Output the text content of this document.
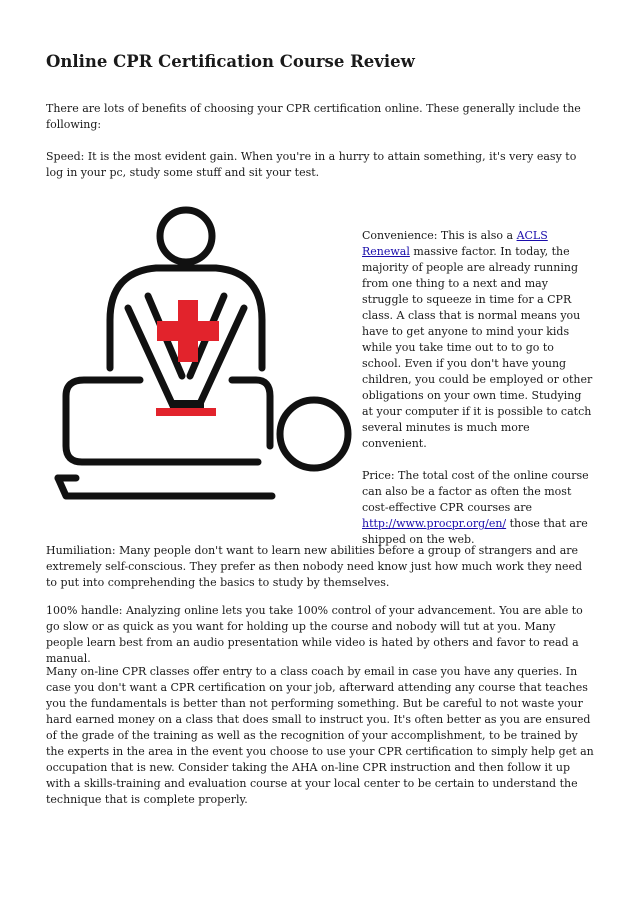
Online CPR Certification Course Review

There are lots of benefits of choosing your CPR certification online. These generally include the following:

Speed: It is the most evident gain. When you're in a hurry to attain something, it's very easy to log in your pc, study some stuff and sit your test.

Convenience: This is also a ACLS Renewal massive factor. In today, the majority of people are already running from one thing to a next and may struggle to squeeze in time for a CPR class. A class that is normal means you have to get anyone to mind your kids while you take time out to to go to school. Even if you don't have young children, you could be employed or other obligations on your own time. Studying at your computer if it is possible to catch several minutes is much more convenient.

Price: The total cost of the online course can also be a factor as often the most cost-effective CPR courses are http://www.procpr.org/en/ those that are shipped on the web.

Humiliation: Many people don't want to learn new abilities before a group of strangers and are extremely self-conscious. They prefer as then nobody need know just how much work they need to put into comprehending the basics to study by themselves.

100% handle: Analyzing online lets you take 100% control of your advancement. You are able to go slow or as quick as you want for holding up the course and nobody will tut at you. Many people learn best from an audio presentation while video is hated by others and favor to read a manual.

Many on-line CPR classes offer entry to a class coach by email in case you have any queries. In case you don't want a CPR certification on your job, afterward attending any course that teaches you the fundamentals is better than not performing something. But be careful to not waste your hard earned money on a class that does small to instruct you. It's often better as you are ensured of the grade of the training as well as the recognition of your accomplishment, to be trained by the experts in the area in the event you choose to use your CPR certification to simply help get an occupation that is new. Consider taking the AHA on-line CPR instruction and then follow it up with a skills-training and evaluation course at your local center to be certain to understand the technique that is complete properly.
